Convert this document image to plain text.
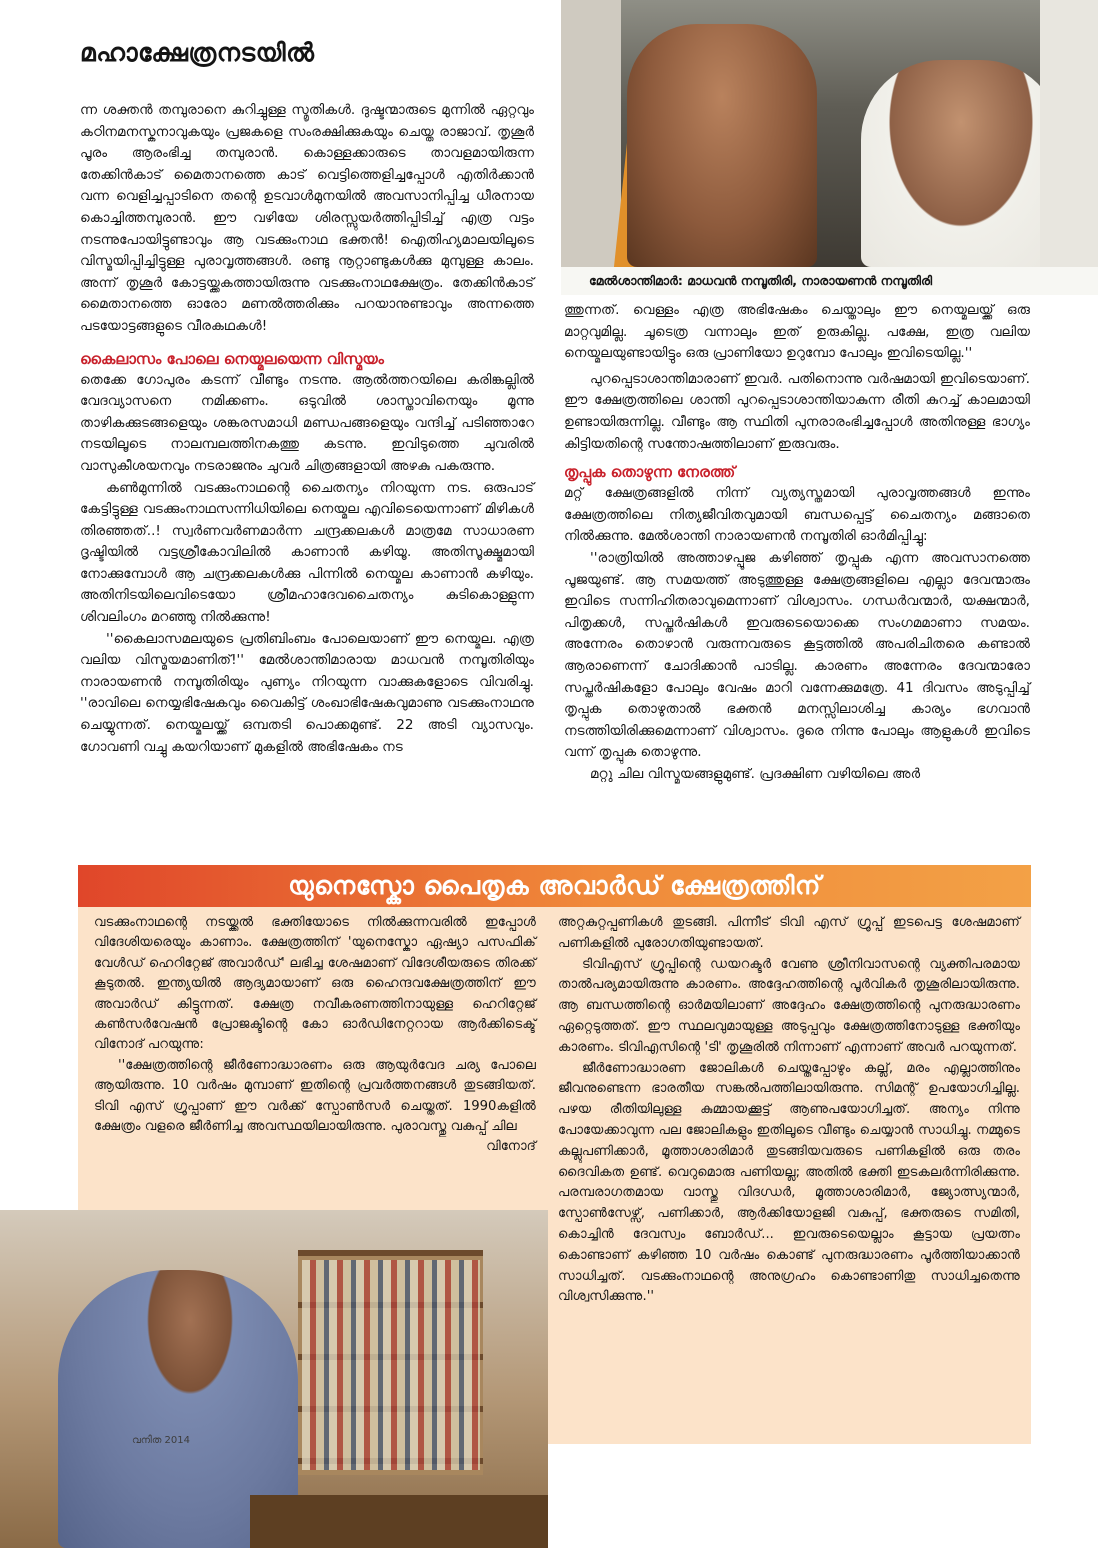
മഹാക്ഷേത്രനടയിൽ

ന്ന ശക്തൻ തമ്പുരാനെ കുറിച്ചുള്ള സ്മൃതികൾ. ദുഷ്ടന്മാരുടെ മുന്നിൽ ഏറ്റവും കഠിനമനസ്കനാവുകയും പ്രജകളെ സംരക്ഷിക്കുകയും ചെയ്ത രാജാവ്. തൃശൂർ പൂരം ആരംഭിച്ച തമ്പുരാൻ. കൊള്ളക്കാരുടെ താവളമായിരുന്ന തേക്കിൻകാട് മൈതാനത്തെ കാട് വെട്ടിത്തെളിച്ചപ്പോൾ എതിർക്കാൻ വന്ന വെളിച്ചപ്പാടിനെ തന്റെ ഉടവാൾമുനയിൽ അവസാനിപ്പിച്ച ധീരനായ കൊച്ചിത്തമ്പുരാൻ. ഈ വഴിയേ ശിരസ്സുയർത്തിപ്പിടിച്ച് എത്ര വട്ടം നടന്നുപോയിട്ടുണ്ടാവും ആ വടക്കുംനാഥ ഭക്തൻ! ഐതിഹ്യമാലയിലൂടെ വിസ്മയിപ്പിച്ചിട്ടുള്ള പുരാവൃത്തങ്ങൾ. രണ്ടു നൂറ്റാണ്ടുകൾക്കു മുമ്പുള്ള കാലം. അന്ന് തൃശൂർ കോട്ടയ്ക്കകത്തായിരുന്നു വടക്കുംനാഥക്ഷേത്രം. തേക്കിൻകാട് മൈതാനത്തെ ഓരോ മണൽത്തരിക്കും പറയാനുണ്ടാവും അന്നത്തെ പടയോട്ടങ്ങളുടെ വീരകഥകൾ!

കൈലാസം പോലെ നെയ്മലയെന്ന വിസ്മയം

തെക്കേ ഗോപുരം കടന്ന് വീണ്ടും നടന്നു. ആൽത്തറയിലെ കരിങ്കല്ലിൽ വേദവ്യാസനെ നമിക്കണം. ഒടുവിൽ ശാസ്താവിനെയും മൂന്നു താഴികക്കുടങ്ങളെയും ശങ്കരസമാധി മണ്ഡപങ്ങളെയും വന്ദിച്ച് പടിഞ്ഞാറേ നടയിലൂടെ നാലമ്പലത്തിനകത്തു കടന്നു. ഇവിടുത്തെ ചുവരിൽ വാസുകീശയനവും നടരാജനും ചുവർ ചിത്രങ്ങളായി അഴകു പകരുന്നു.

കൺമുന്നിൽ വടക്കുംനാഥന്റെ ചൈതന്യം നിറയുന്ന നട. ഒരുപാട് കേട്ടിട്ടുള്ള വടക്കുംനാഥസന്നിധിയിലെ നെയ്മല എവിടെയെന്നാണ് മിഴികൾ തിരഞ്ഞത്..! സ്വർണവർണമാർന്ന ചന്ദ്രക്കലകൾ മാത്രമേ സാധാരണ ദൃഷ്ടിയിൽ വട്ടശ്രീകോവിലിൽ കാണാൻ കഴിയൂ. അതിസൂക്ഷ്മമായി നോക്കുമ്പോൾ ആ ചന്ദ്രക്കലകൾക്കു പിന്നിൽ നെയ്മല കാണാൻ കഴിയും. അതിനിടയിലെവിടെയോ ശ്രീമഹാദേവചൈതന്യം കുടികൊള്ളുന്ന ശിവലിംഗം മറഞ്ഞു നിൽക്കുന്നു!

''കൈലാസമലയുടെ പ്രതിബിംബം പോലെയാണ് ഈ നെയ്മല. എത്ര വലിയ വിസ്മയമാണിത്!'' മേൽശാന്തിമാരായ മാധവൻ നമ്പൂതിരിയും നാരായണൻ നമ്പൂതിരിയും പുണ്യം നിറയുന്ന വാക്കുകളോടെ വിവരിച്ചു. ''രാവിലെ നെയ്യഭിഷേകവും വൈകിട്ട് ശംഖാഭിഷേകവുമാണു വടക്കുംനാഥനു ചെയ്യുന്നത്. നെയ്മലയ്ക്ക് ഒമ്പതടി പൊക്കമുണ്ട്. 22 അടി വ്യാസവും. ഗോവണി വച്ചു കയറിയാണ് മുകളിൽ അഭിഷേകം നട

മേൽശാന്തിമാർ: മാധവൻ നമ്പൂതിരി, നാരായണൻ നമ്പൂതിരി

ത്തുന്നത്. വെള്ളം എത്ര അഭിഷേകം ചെയ്താലും ഈ നെയ്മലയ്ക്ക് ഒരു മാറ്റവുമില്ല. ചൂടെത്ര വന്നാലും ഇത് ഉരുകില്ല. പക്ഷേ, ഇത്ര വലിയ നെയ്മലയുണ്ടായിട്ടും ഒരു പ്രാണിയോ ഉറുമ്പോ പോലും ഇവിടെയില്ല.''

പുറപ്പെടാശാന്തിമാരാണ് ഇവർ. പതിനൊന്നു വർഷമായി ഇവിടെയാണ്. ഈ ക്ഷേത്രത്തിലെ ശാന്തി പുറപ്പെടാശാന്തിയാകുന്ന രീതി കുറച്ച് കാലമായി ഉണ്ടായിരുന്നില്ല. വീണ്ടും ആ സ്ഥിതി പുനരാരംഭിച്ചപ്പോൾ അതിനുള്ള ഭാഗ്യം കിട്ടിയതിന്റെ സന്തോഷത്തിലാണ് ഇരുവരും.

തൃപ്പുക തൊഴുന്ന നേരത്ത്

മറ്റ് ക്ഷേത്രങ്ങളിൽ നിന്ന് വ്യത്യസ്തമായി പുരാവൃത്തങ്ങൾ ഇന്നും ക്ഷേത്രത്തിലെ നിത്യജീവിതവുമായി ബന്ധപ്പെട്ട് ചൈതന്യം മങ്ങാതെ നിൽക്കുന്നു. മേൽശാന്തി നാരായണൻ നമ്പൂതിരി ഓർമിപ്പിച്ചു:

''രാത്രിയിൽ അത്താഴപ്പൂജ കഴിഞ്ഞ് തൃപ്പുക എന്ന അവസാനത്തെ പൂജയുണ്ട്. ആ സമയത്ത് അടുത്തുള്ള ക്ഷേത്രങ്ങളിലെ എല്ലാ ദേവന്മാരും ഇവിടെ സന്നിഹിതരാവുമെന്നാണ് വിശ്വാസം. ഗന്ധർവന്മാർ, യക്ഷന്മാർ, പിതൃക്കൾ, സപ്തർഷികൾ ഇവരുടെയൊക്കെ സംഗമമാണാ സമയം. അന്നേരം തൊഴാൻ വരുന്നവരുടെ കൂട്ടത്തിൽ അപരിചിതരെ കണ്ടാൽ ആരാണെന്ന് ചോദിക്കാൻ പാടില്ല. കാരണം അന്നേരം ദേവന്മാരോ സപ്തർഷികളോ പോലും വേഷം മാറി വന്നേക്കുമത്രേ. 41 ദിവസം അടുപ്പിച്ച് തൃപ്പുക തൊഴുതാൽ ഭക്തൻ മനസ്സിലാശിച്ച കാര്യം ഭഗവാൻ നടത്തിയിരിക്കുമെന്നാണ് വിശ്വാസം. ദൂരെ നിന്നു പോലും ആളുകൾ ഇവിടെ വന്ന് തൃപ്പുക തൊഴുന്നു.

മറ്റു ചില വിസ്മയങ്ങളുമുണ്ട്. പ്രദക്ഷിണ വഴിയിലെ അർ

യുനെസ്കോ പൈതൃക അവാർഡ് ക്ഷേത്രത്തിന്

വടക്കുംനാഥന്റെ നടയ്ക്കൽ ഭക്തിയോടെ നിൽക്കുന്നവരിൽ ഇപ്പോൾ വിദേശിയരെയും കാണാം. ക്ഷേത്രത്തിന് 'യുനെസ്കോ ഏഷ്യാ പസഫിക് വേൾഡ് ഹെറിറ്റേജ് അവാർഡ്' ലഭിച്ച ശേഷമാണ് വിദേശീയരുടെ തിരക്ക് കൂടുതൽ. ഇന്ത്യയിൽ ആദ്യമായാണ് ഒരു ഹൈന്ദവക്ഷേത്രത്തിന് ഈ അവാർഡ് കിട്ടുന്നത്. ക്ഷേത്ര നവീകരണത്തിനായുള്ള ഹെറിറ്റേജ് കൺസർവേഷൻ പ്രോജക്ടിന്റെ കോ ഓർഡിനേറ്ററായ ആർക്കിടെക്ട് വിനോദ് പറയുന്നു:

''ക്ഷേത്രത്തിന്റെ ജീർണോദ്ധാരണം ഒരു ആയുർവേദ ചര്യ പോലെ ആയിരുന്നു. 10 വർഷം മുമ്പാണ് ഇതിന്റെ പ്രവർത്തനങ്ങൾ തുടങ്ങിയത്. ടിവി എസ് ഗ്രൂപ്പാണ് ഈ വർക്ക് സ്പോൺസർ ചെയ്തത്. 1990കളിൽ ക്ഷേത്രം വളരെ ജീർണിച്ച അവസ്ഥയിലായിരുന്നു. പുരാവസ്തു വകുപ്പ് ചില

വിനോദ്

അറ്റകുറ്റപ്പണികൾ തുടങ്ങി. പിന്നീട് ടിവി എസ് ഗ്രൂപ്പ് ഇടപെട്ട ശേഷമാണ് പണികളിൽ പുരോഗതിയുണ്ടായത്.

ടിവിഎസ് ഗ്രൂപ്പിന്റെ ഡയറക്ടർ വേണു ശ്രീനിവാസന്റെ വ്യക്തിപരമായ താൽപര്യമായിരുന്നു കാരണം. അദ്ദേഹത്തിന്റെ പൂർവികർ തൃശൂരിലായിരുന്നു. ആ ബന്ധത്തിന്റെ ഓർമയിലാണ് അദ്ദേഹം ക്ഷേത്രത്തിന്റെ പുനരുദ്ധാരണം ഏറ്റെടുത്തത്. ഈ സ്ഥലവുമായുള്ള അടുപ്പവും ക്ഷേത്രത്തിനോടുള്ള ഭക്തിയും കാരണം. ടിവിഎസിന്റെ 'ടി' തൃശൂരിൽ നിന്നാണ് എന്നാണ് അവർ പറയുന്നത്.

ജീർണോദ്ധാരണ ജോലികൾ ചെയ്തപ്പോഴും കല്ല്, മരം എല്ലാത്തിനും ജീവനുണ്ടെന്ന ഭാരതീയ സങ്കൽപത്തിലായിരുന്നു. സിമന്റ് ഉപയോഗിച്ചില്ല. പഴയ രീതിയിലുള്ള കുമ്മായക്കൂട്ട് ആണുപയോഗിച്ചത്. അന്യം നിന്നു പോയേക്കാവുന്ന പല ജോലികളും ഇതിലൂടെ വീണ്ടും ചെയ്യാൻ സാധിച്ചു. നമ്മുടെ കല്ലുപണിക്കാർ, മൂത്താശാരിമാർ തുടങ്ങിയവരുടെ പണികളിൽ ഒരു തരം ദൈവികത ഉണ്ട്. വെറുമൊരു പണിയല്ല; അതിൽ ഭക്തി ഇടകലർന്നിരിക്കുന്നു. പരമ്പരാഗതമായ വാസ്തു വിദഗ്ധർ, മൂത്താശാരിമാർ, ജ്യോത്സ്യന്മാർ, സ്പോൺസേഴ്സ്, പണിക്കാർ, ആർക്കിയോളജി വകുപ്പ്, ഭക്തരുടെ സമിതി, കൊച്ചിൻ ദേവസ്വം ബോർഡ്... ഇവരുടെയെല്ലാം കൂട്ടായ പ്രയത്നം കൊണ്ടാണ് കഴിഞ്ഞ 10 വർഷം കൊണ്ട് പുനരുദ്ധാരണം പൂർത്തിയാക്കാൻ സാധിച്ചത്. വടക്കുംനാഥന്റെ അനുഗ്രഹം കൊണ്ടാണിതു സാധിച്ചതെന്നു വിശ്വസിക്കുന്നു.''

വനിത 2014
